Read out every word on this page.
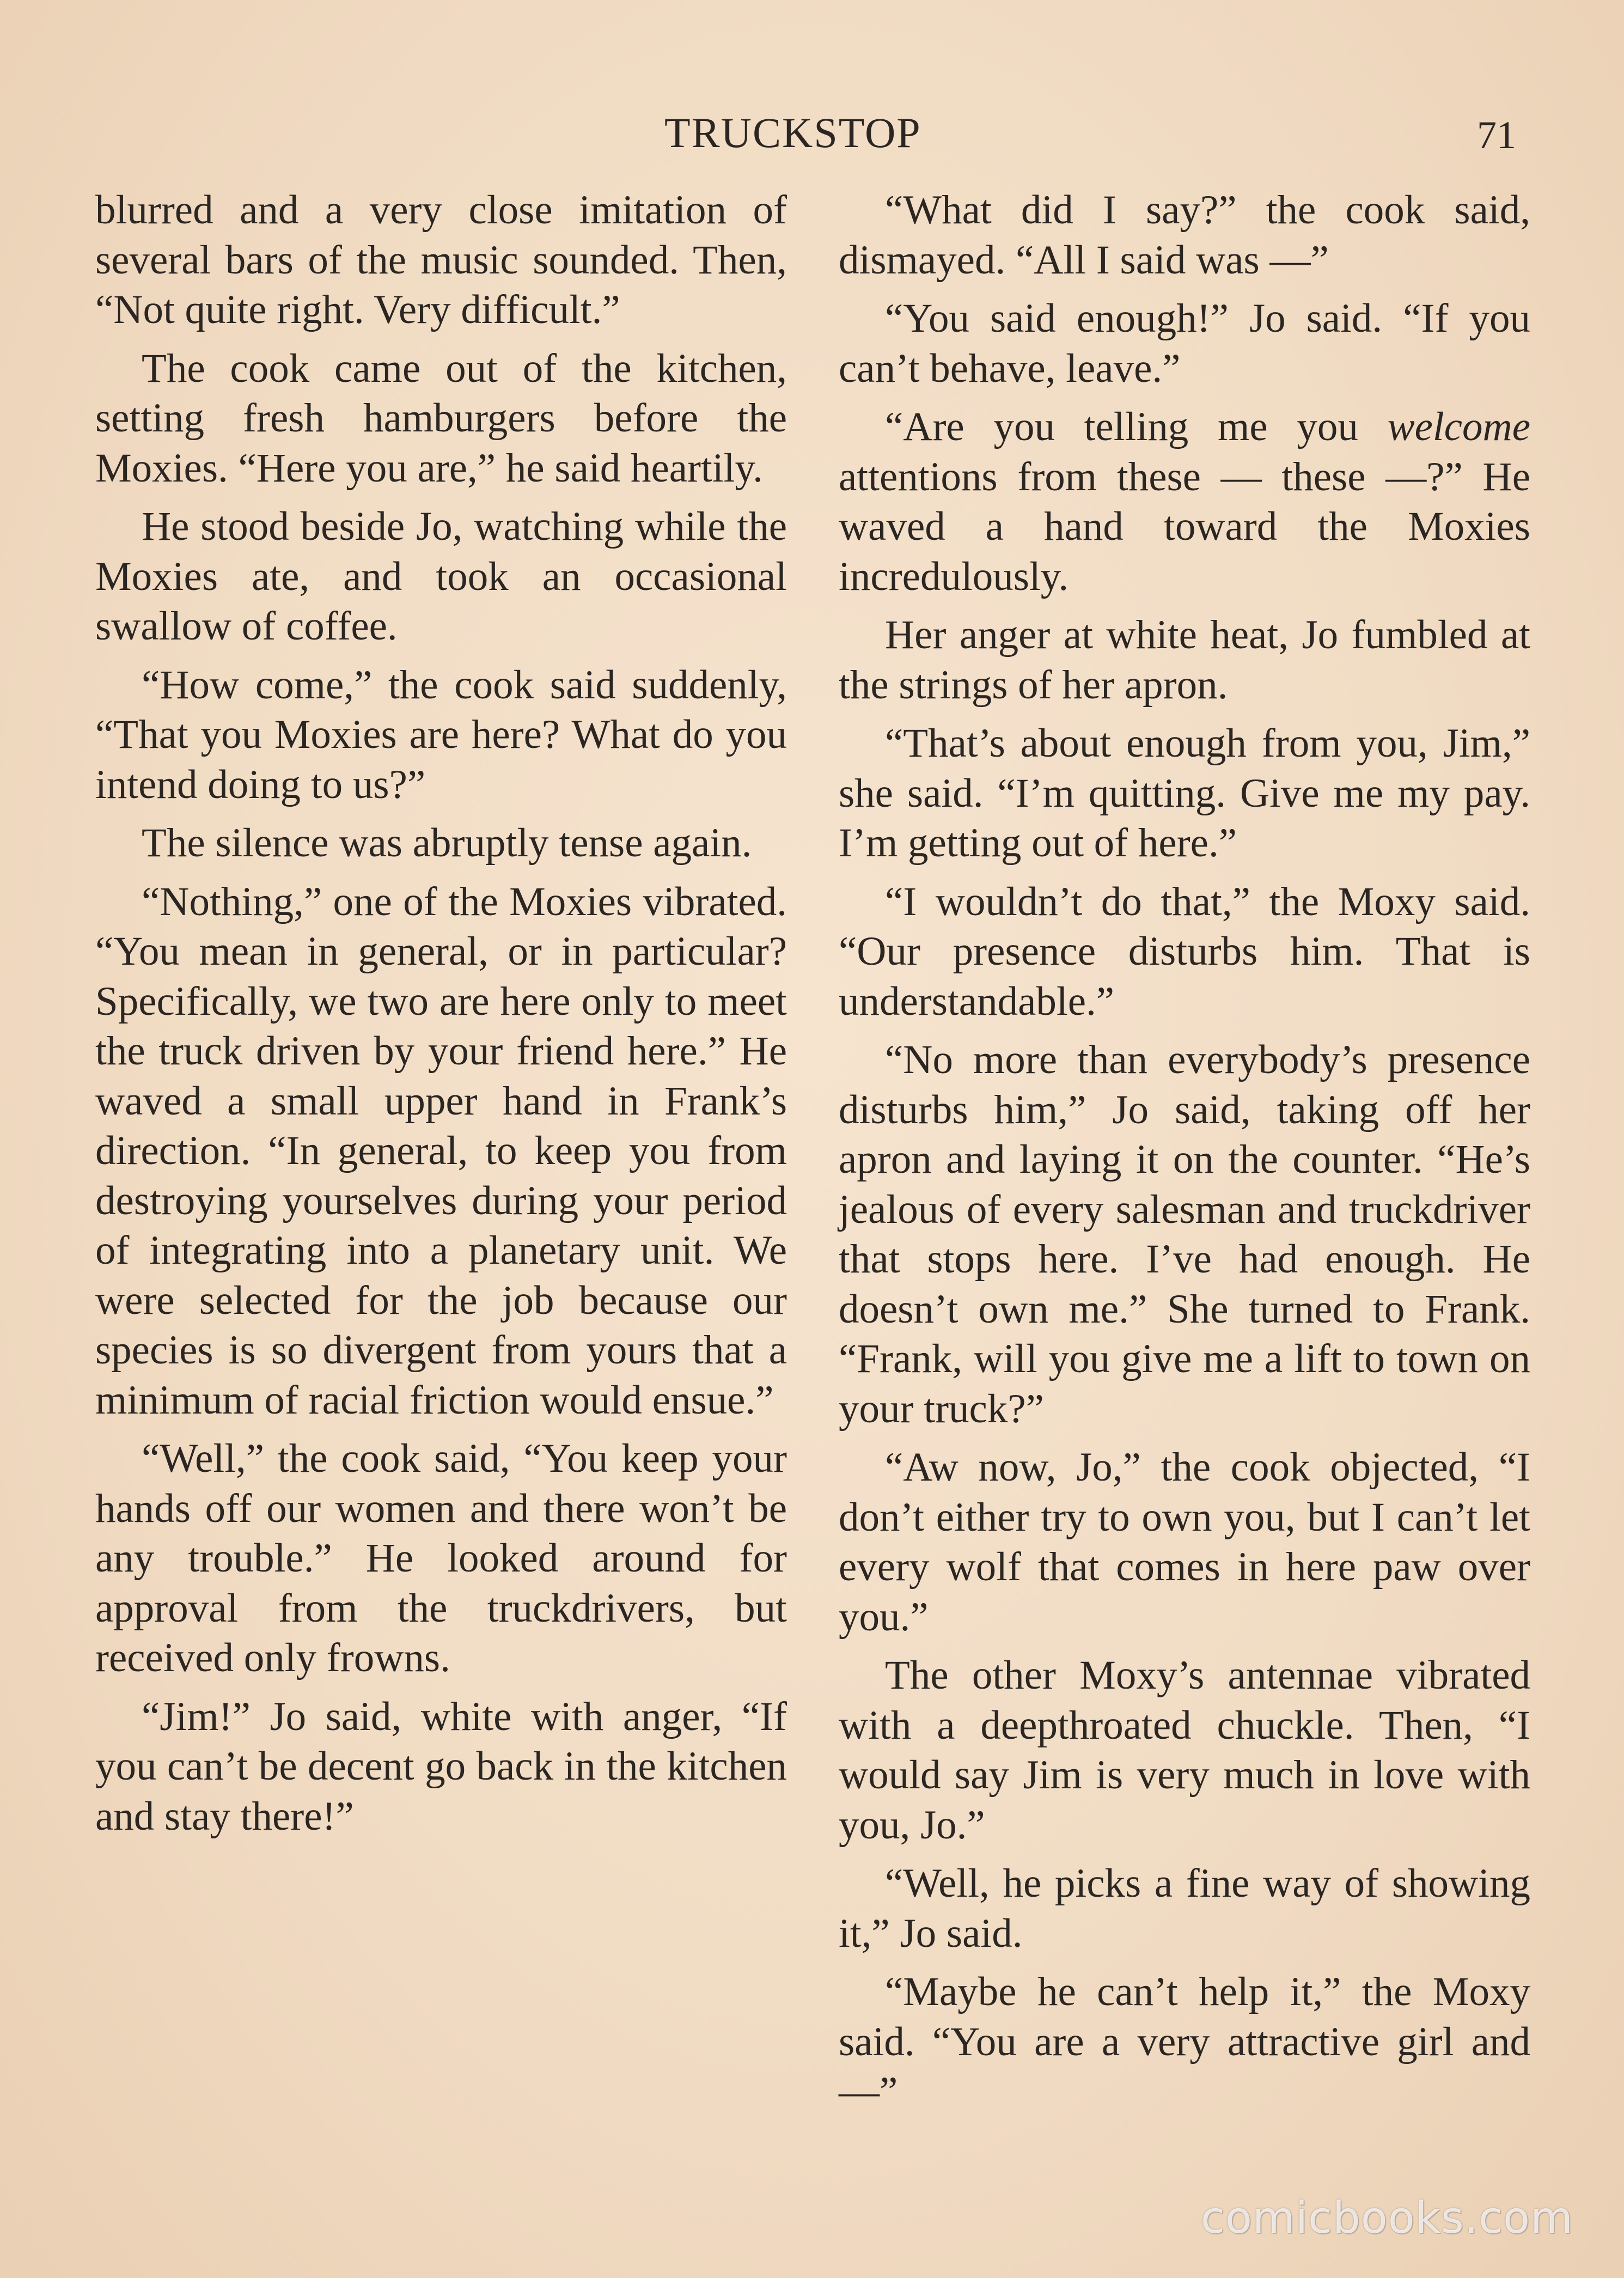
TRUCKSTOP	71

blurred and a very close imitation of several bars of the music sounded. Then, “Not quite right. Very difficult.”

The cook came out of the kitchen, setting fresh hamburgers before the Moxies. “Here you are,” he said heartily.

He stood beside Jo, watching while the Moxies ate, and took an occasional swallow of coffee.

“How come,” the cook said suddenly, “That you Moxies are here? What do you intend doing to us?”

The silence was abruptly tense again.

“Nothing,” one of the Moxies vibrated. “You mean in general, or in particular? Specifically, we two are here only to meet the truck driven by your friend here.” He waved a small upper hand in Frank’s direction. “In general, to keep you from destroying yourselves during your period of integrating into a planetary unit. We were selected for the job because our species is so divergent from yours that a minimum of racial friction would ensue.”

“Well,” the cook said, “You keep your hands off our women and there won’t be any trouble.” He looked around for approval from the truckdrivers, but received only frowns.

“Jim!” Jo said, white with anger, “If you can’t be decent go back in the kitchen and stay there!”

“What did I say?” the cook said, dismayed. “All I said was —”

“You said enough!” Jo said. “If you can’t behave, leave.”

“Are you telling me you welcome attentions from these — these —?” He waved a hand toward the Moxies incredulously.

Her anger at white heat, Jo fumbled at the strings of her apron.

“That’s about enough from you, Jim,” she said. “I’m quitting. Give me my pay. I’m getting out of here.”

“I wouldn’t do that,” the Moxy said. “Our presence disturbs him. That is understandable.”

“No more than everybody’s presence disturbs him,” Jo said, taking off her apron and laying it on the counter. “He’s jealous of every salesman and truckdriver that stops here. I’ve had enough. He doesn’t own me.” She turned to Frank. “Frank, will you give me a lift to town on your truck?”

“Aw now, Jo,” the cook objected, “I don’t either try to own you, but I can’t let every wolf that comes in here paw over you.”

The other Moxy’s antennae vibrated with a deepthroated chuckle. Then, “I would say Jim is very much in love with you, Jo.”

“Well, he picks a fine way of showing it,” Jo said.

“Maybe he can’t help it,” the Moxy said. “You are a very attractive girl and —”

comicbooks.com
